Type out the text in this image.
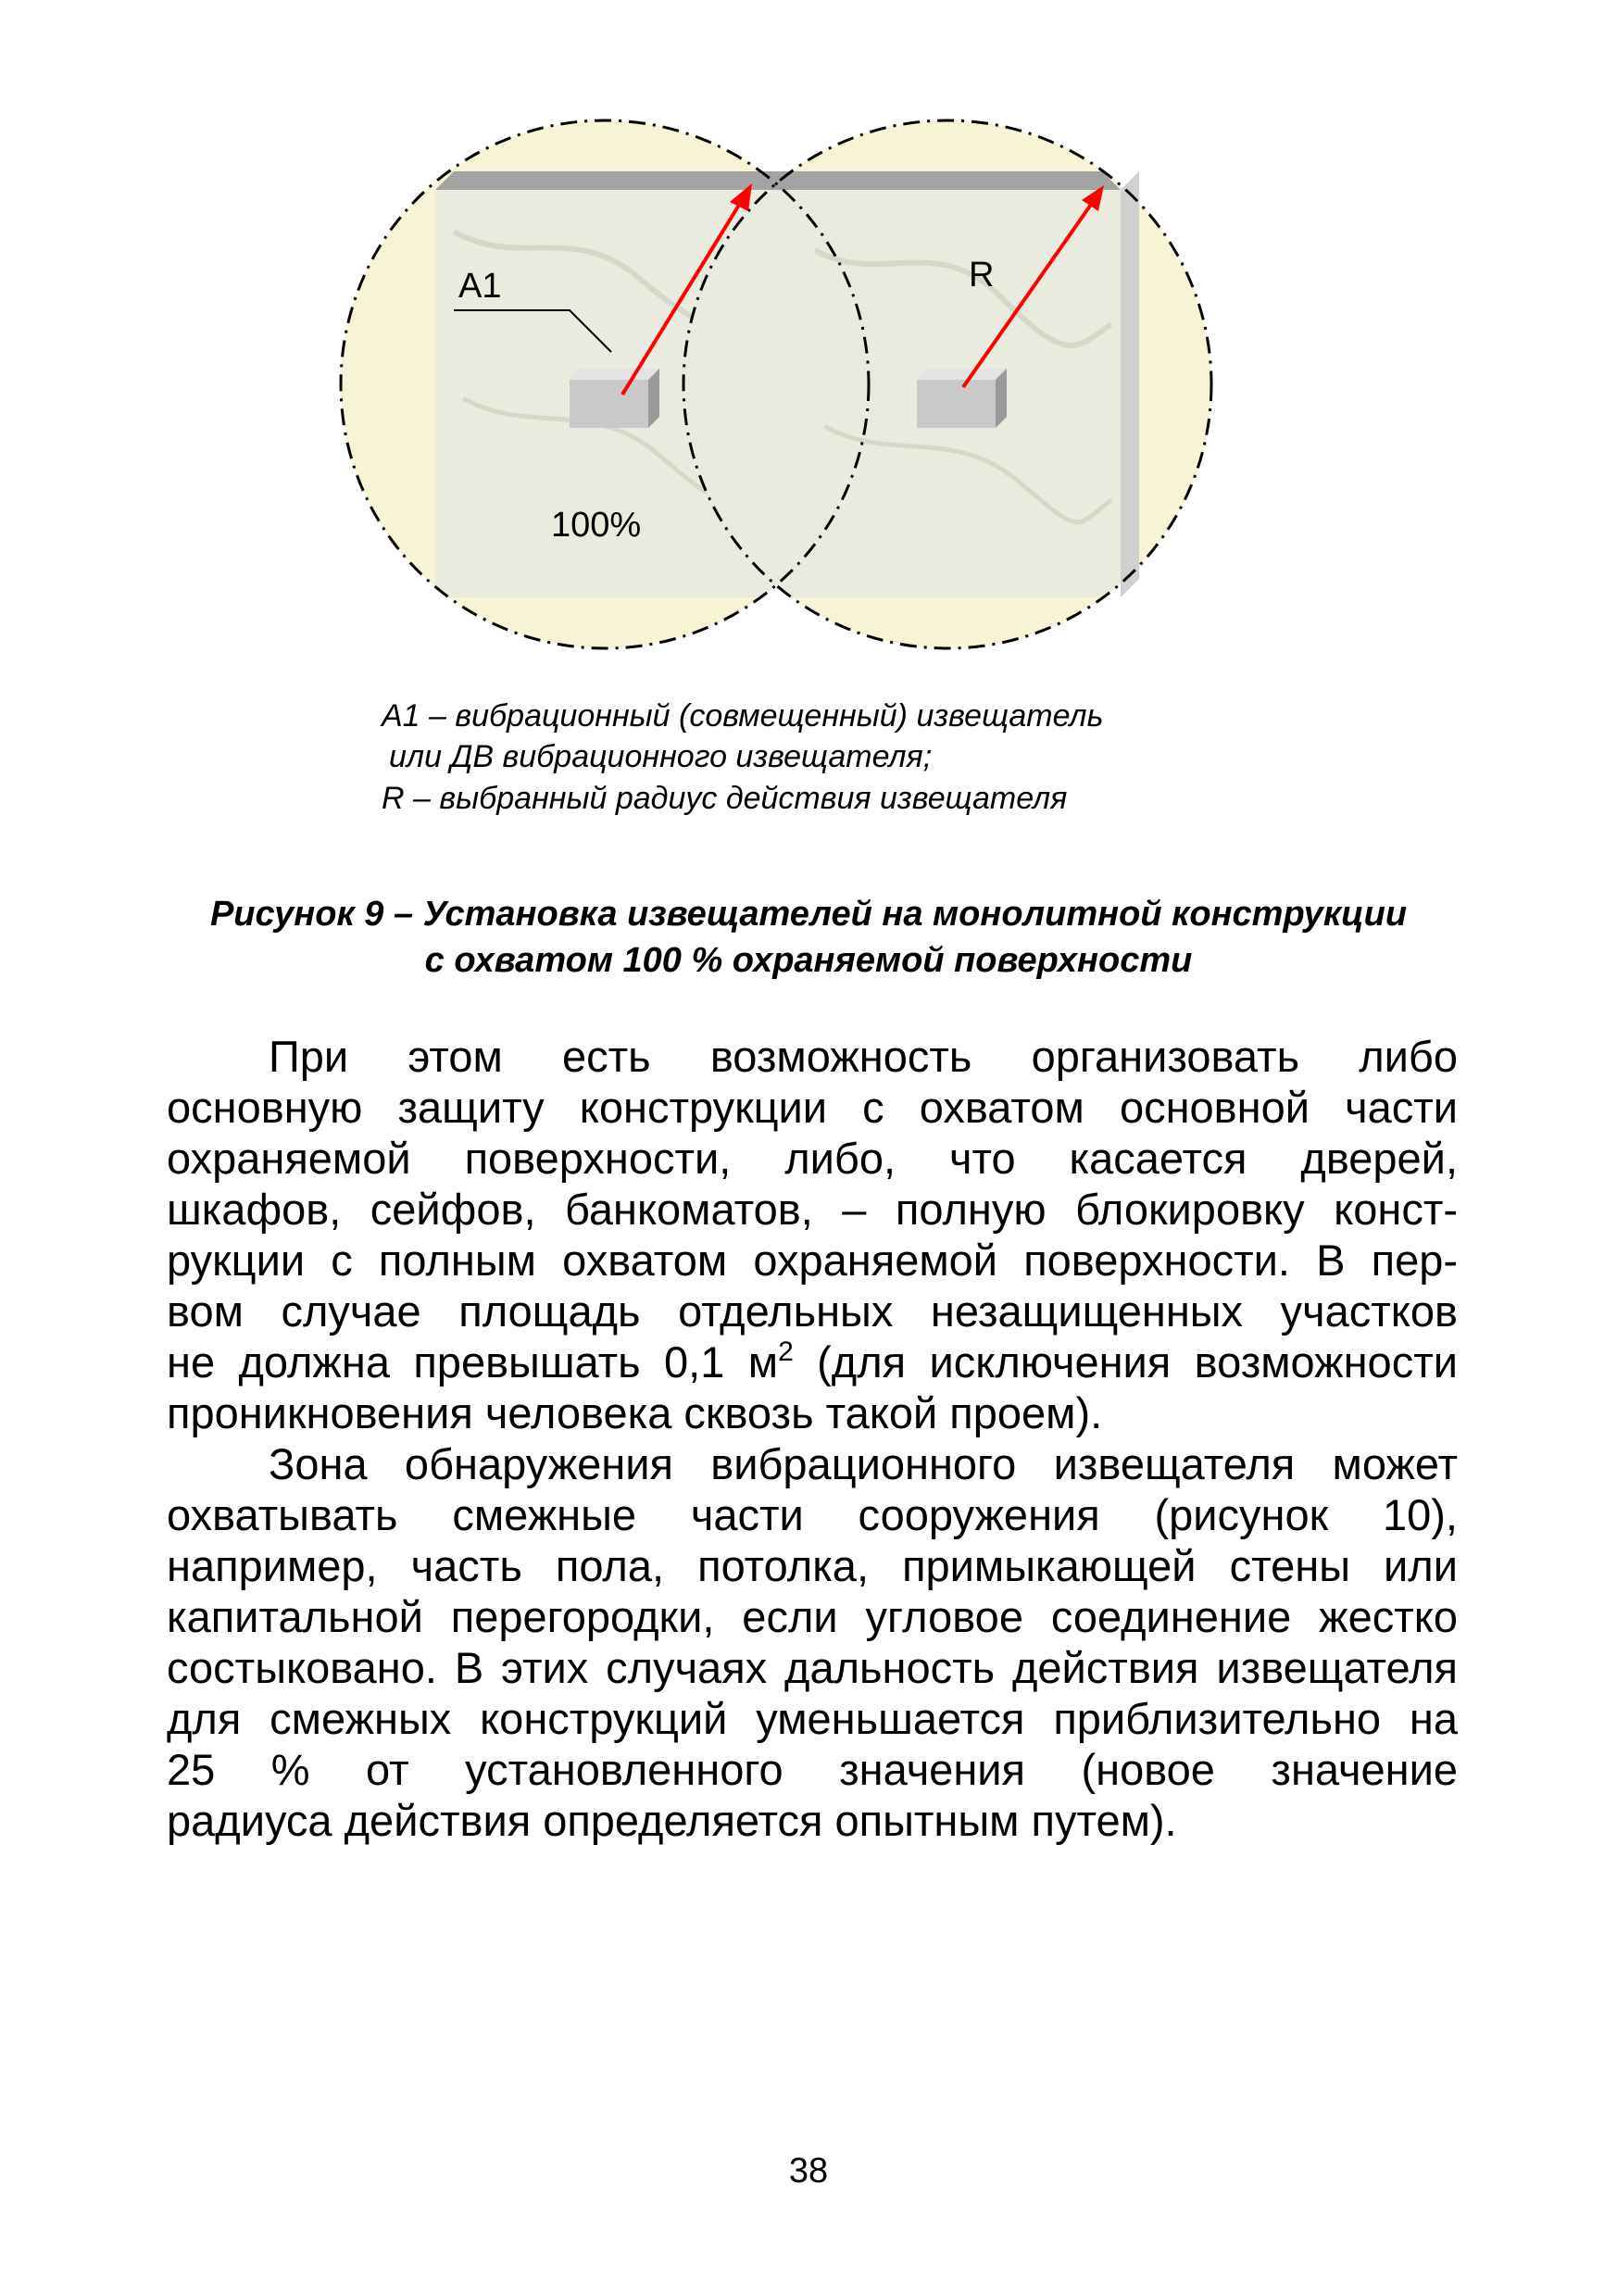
А1	R
100%
А1 – вибрационный (совмещенный) извещатель
или ДВ вибрационного извещателя;
R – выбранный радиус действия извещателя
Рисунок 9 – Установка извещателей на монолитной конструкции
с охватом 100 % охраняемой поверхности
При этом есть возможность организовать либо
основную защиту конструкции с охватом основной части
охраняемой поверхности, либо, что касается дверей,
шкафов, сейфов, банкоматов, – полную блокировку конст-
рукции с полным охватом охраняемой поверхности. В пер-
вом случае площадь отдельных незащищенных участков
не должна превышать 0,1 $м^2$ (для исключения возможности
проникновения человека сквозь такой проем).
Зона обнаружения вибрационного извещателя может
охватывать смежные части сооружения (рисунок 10),
например, часть пола, потолка, примыкающей стены или
капитальной перегородки, если угловое соединение жестко
состыковано. В этих случаях дальность действия извещателя
для смежных конструкций уменьшается приблизительно на
25 % от установленного значения (новое значение
радиуса действия определяется опытным путем).
38
